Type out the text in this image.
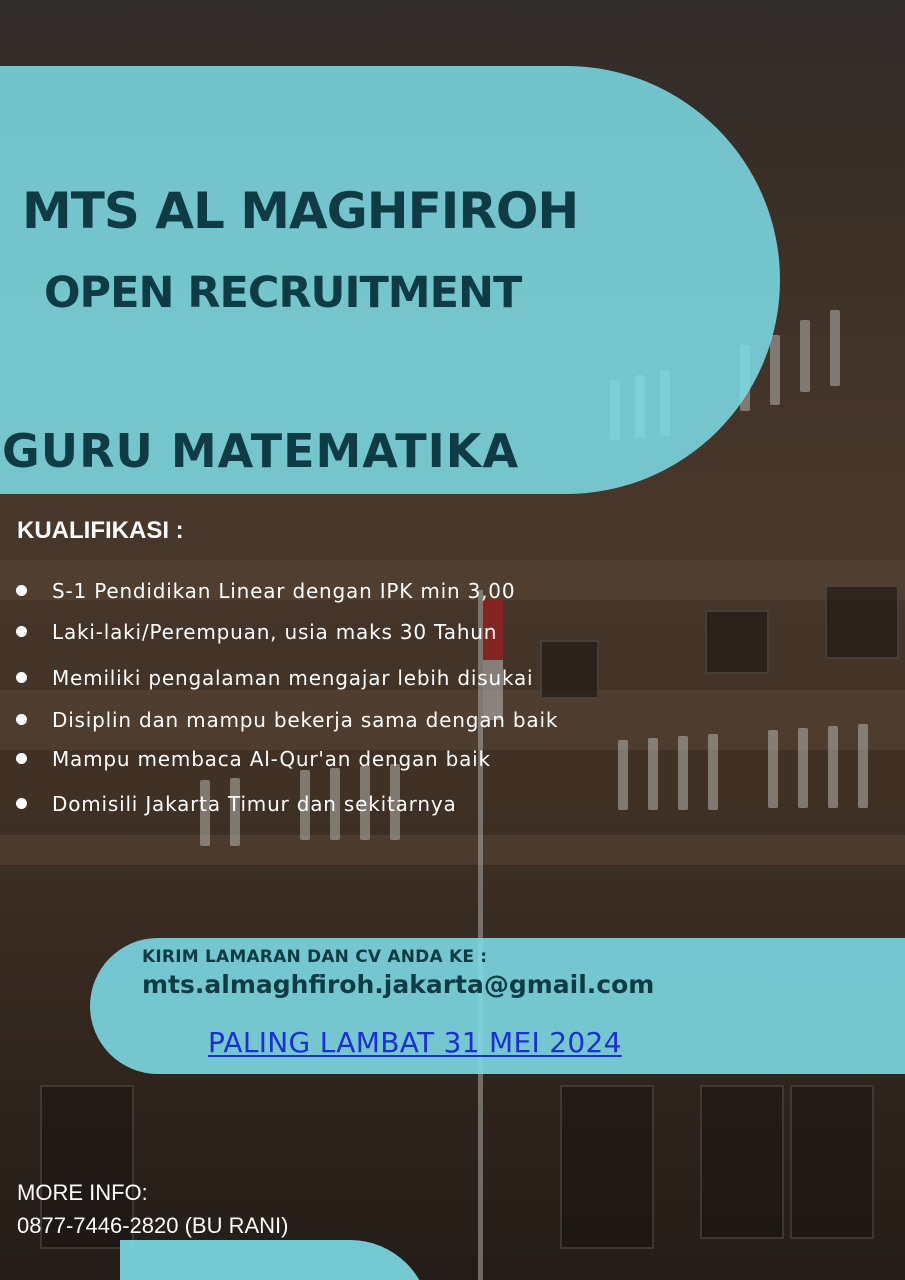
MTS AL MAGHFIROH
OPEN RECRUITMENT
GURU MATEMATIKA
KUALIFIKASI :
S-1 Pendidikan Linear dengan IPK min 3,00
Laki-laki/Perempuan, usia maks 30 Tahun
Memiliki pengalaman mengajar lebih disukai
Disiplin dan mampu bekerja sama dengan baik
Mampu membaca Al-Qur'an dengan baik
Domisili Jakarta Timur dan sekitarnya
KIRIM LAMARAN DAN CV ANDA KE :
mts.almaghfiroh.jakarta@gmail.com
PALING LAMBAT 31 MEI 2024
MORE INFO:
0877-7446-2820 (BU RANI)
